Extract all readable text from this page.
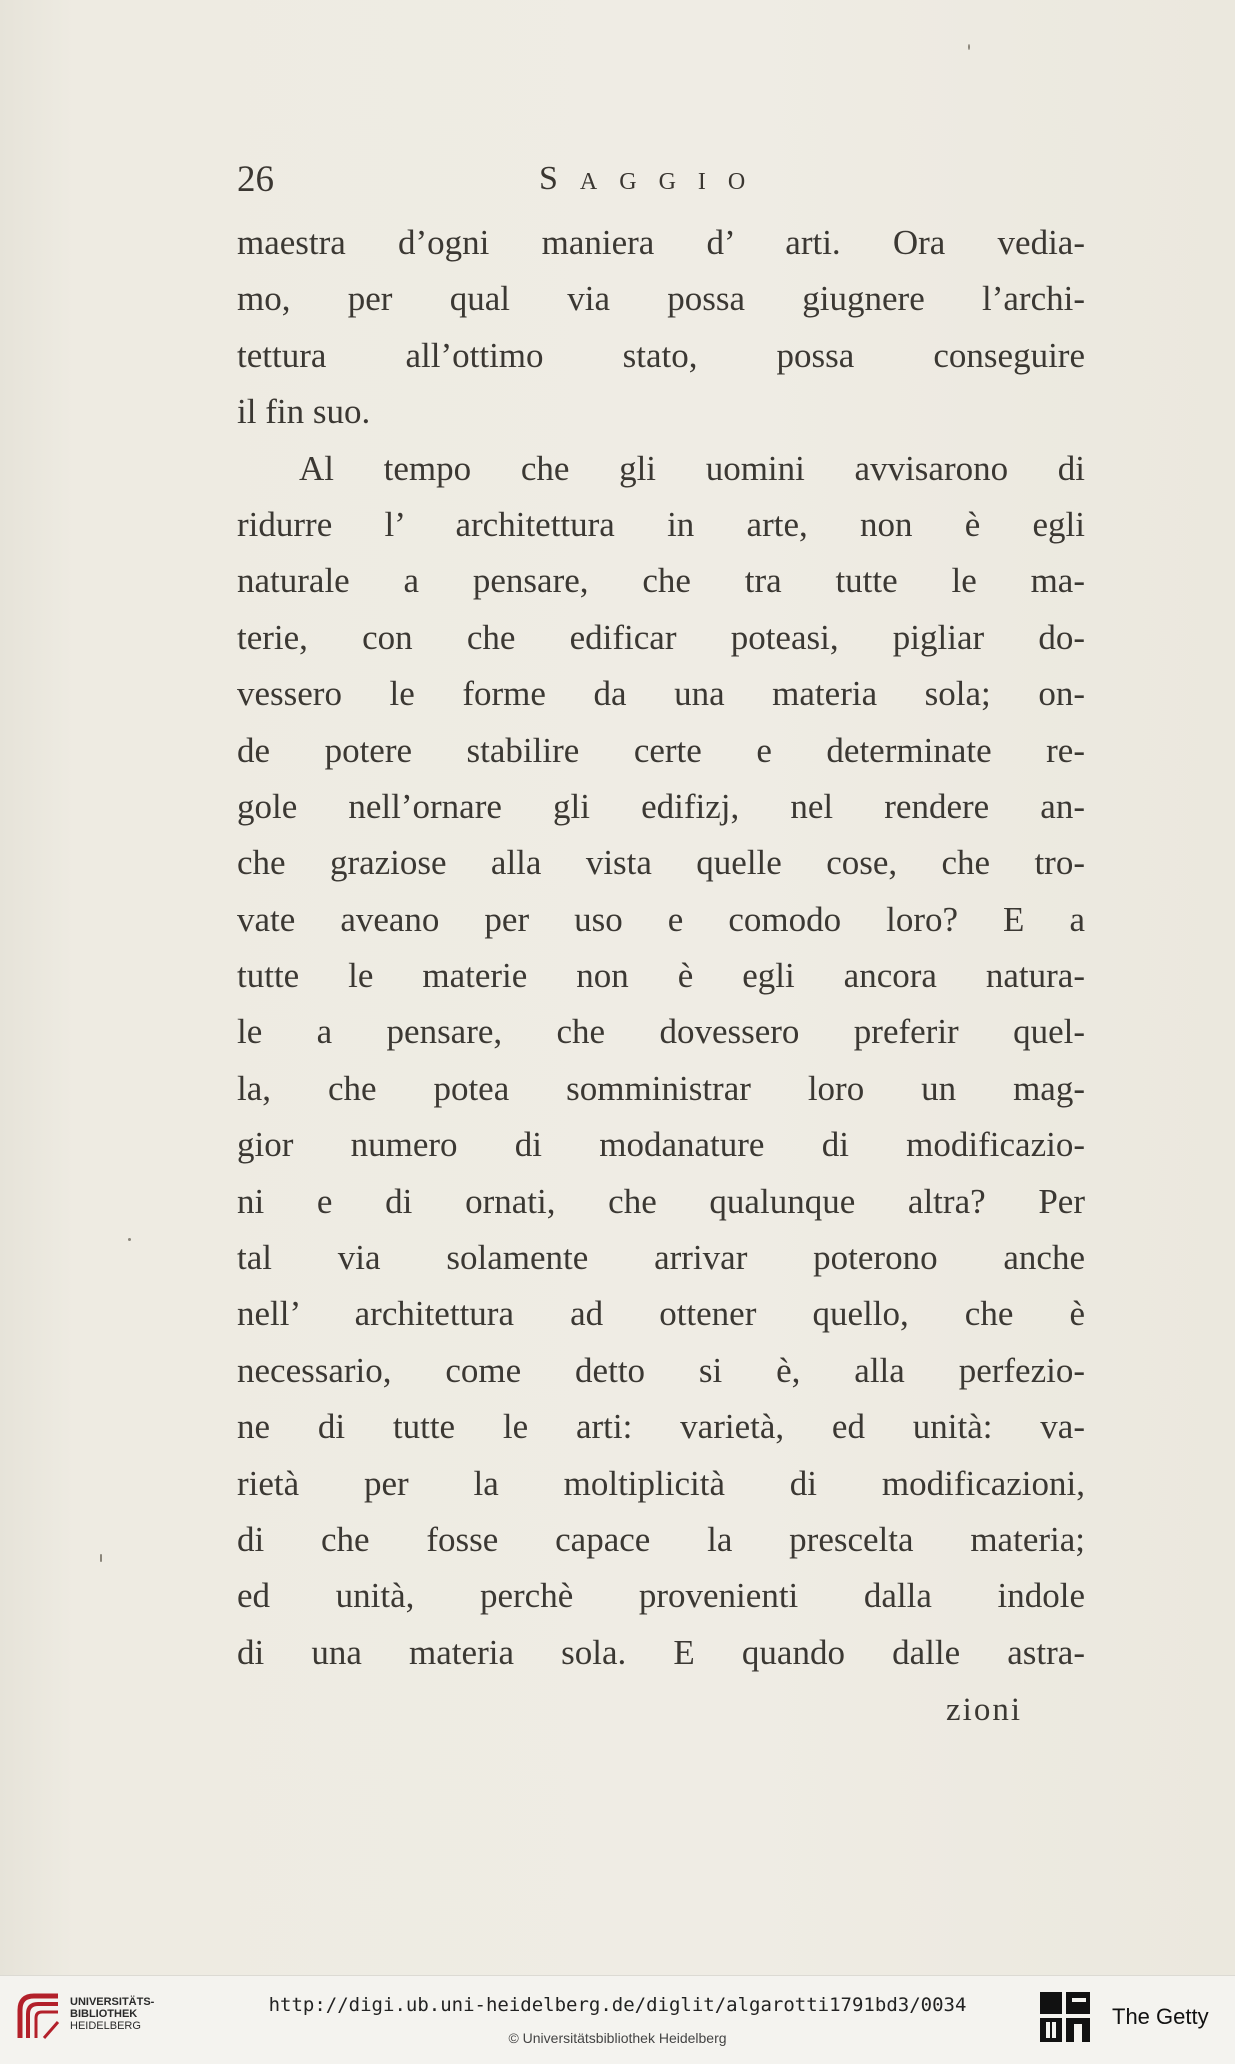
26	Saggio
maestra d’ogni maniera d’ arti. Ora vedia-
mo, per qual via possa giugnere l’archi-
tettura all’ottimo stato, possa conseguire
il fin suo.
Al tempo che gli uomini avvisarono di
ridurre l’ architettura in arte, non è egli
naturale a pensare, che tra tutte le ma-
terie, con che edificar poteasi, pigliar do-
vessero le forme da una materia sola; on-
de potere stabilire certe e determinate re-
gole nell’ornare gli edifizj, nel rendere an-
che graziose alla vista quelle cose, che tro-
vate aveano per uso e comodo loro? E a
tutte le materie non è egli ancora natura-
le a pensare, che dovessero preferir quel-
la, che potea somministrar loro un mag-
gior numero di modanature di modificazio-
ni e di ornati, che qualunque altra? Per
tal via solamente arrivar poterono anche
nell’ architettura ad ottener quello, che è
necessario, come detto si è, alla perfezio-
ne di tutte le arti: varietà, ed unità: va-
rietà per la moltiplicità di modificazioni,
di che fosse capace la prescelta materia;
ed unità, perchè provenienti dalla indole
di una materia sola. E quando dalle astra-
zioni
UNIVERSITÄTS-
BIBLIOTHEK
HEIDELBERG
http://digi.ub.uni-heidelberg.de/diglit/algarotti1791bd3/0034
© Universitätsbibliothek Heidelberg
The Getty
